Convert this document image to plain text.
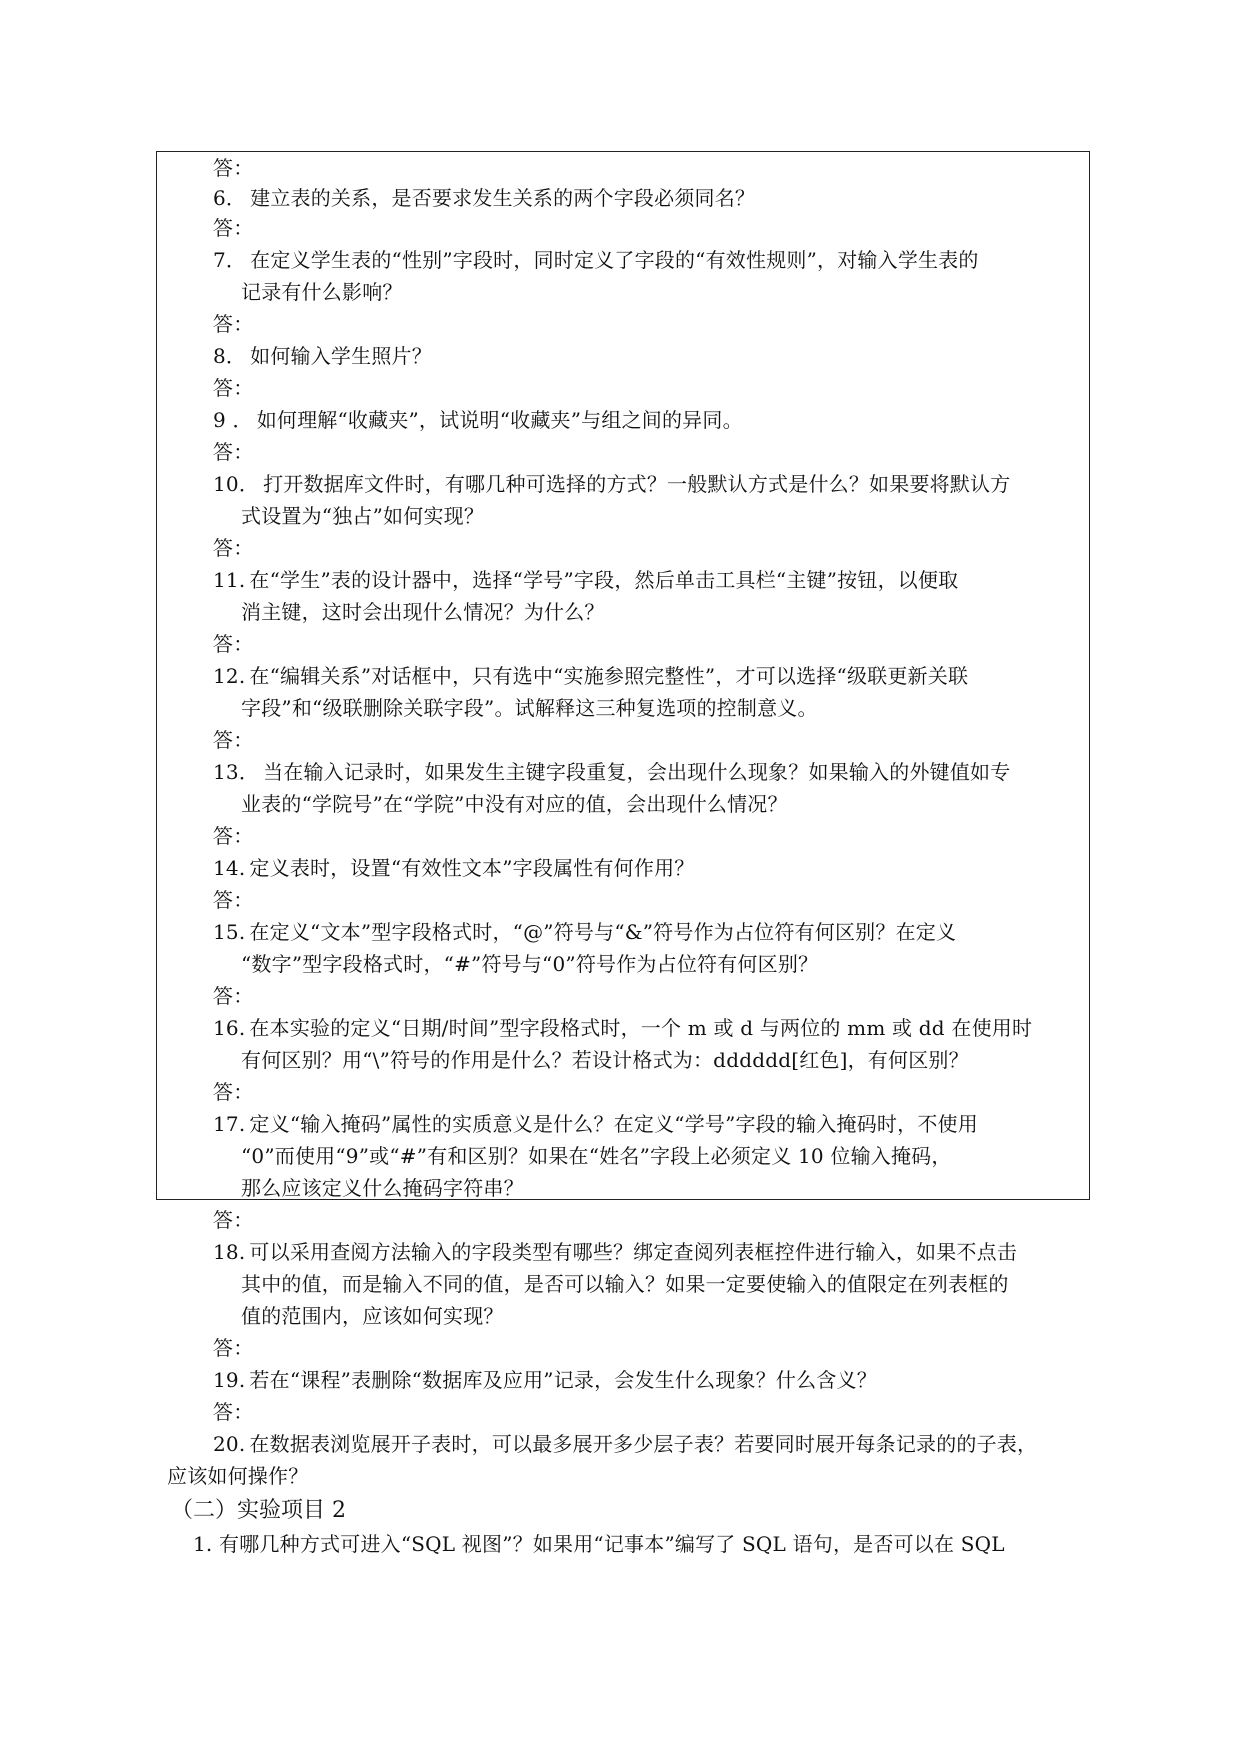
答：
6． 建立表的关系，是否要求发生关系的两个字段必须同名？
答：
7． 在定义学生表的“性别”字段时，同时定义了字段的“有效性规则”，对输入学生表的
记录有什么影响？
答：
8． 如何输入学生照片？
答：
9 ． 如何理解“收藏夹”，试说明“收藏夹”与组之间的异同。
答：
10． 打开数据库文件时，有哪几种可选择的方式？一般默认方式是什么？如果要将默认方
式设置为“独占”如何实现？
答：
11. 在“学生”表的设计器中，选择“学号”字段，然后单击工具栏“主键”按钮，以便取
消主键，这时会出现什么情况？为什么？
答：
12. 在“编辑关系”对话框中，只有选中“实施参照完整性”，才可以选择“级联更新关联
字段”和“级联删除关联字段”。试解释这三种复选项的控制意义。
答：
13． 当在输入记录时，如果发生主键字段重复，会出现什么现象？如果输入的外键值如专
业表的“学院号”在“学院”中没有对应的值，会出现什么情况？
答：
14. 定义表时，设置“有效性文本”字段属性有何作用？
答：
15. 在定义“文本”型字段格式时，“@”符号与“&”符号作为占位符有何区别？在定义
“数字”型字段格式时，“#”符号与“0”符号作为占位符有何区别？
答：
16. 在本实验的定义“日期/时间”型字段格式时，一个 m 或 d 与两位的 mm 或 dd 在使用时
有何区别？用“\”符号的作用是什么？若设计格式为：dddddd[红色]，有何区别？
答：
17. 定义“输入掩码”属性的实质意义是什么？在定义“学号”字段的输入掩码时，不使用
“0”而使用“9”或“#”有和区别？如果在“姓名”字段上必须定义 10 位输入掩码，
那么应该定义什么掩码字符串？
答：
18. 可以采用查阅方法输入的字段类型有哪些？绑定查阅列表框控件进行输入，如果不点击
其中的值，而是输入不同的值，是否可以输入？如果一定要使输入的值限定在列表框的
值的范围内，应该如何实现？
答：
19. 若在“课程”表删除“数据库及应用”记录，会发生什么现象？什么含义？
答：
20. 在数据表浏览展开子表时，可以最多展开多少层子表？若要同时展开每条记录的的子表，
应该如何操作？
（二）实验项目 2
1. 有哪几种方式可进入“SQL 视图”？如果用“记事本”编写了 SQL 语句，是否可以在 SQL
